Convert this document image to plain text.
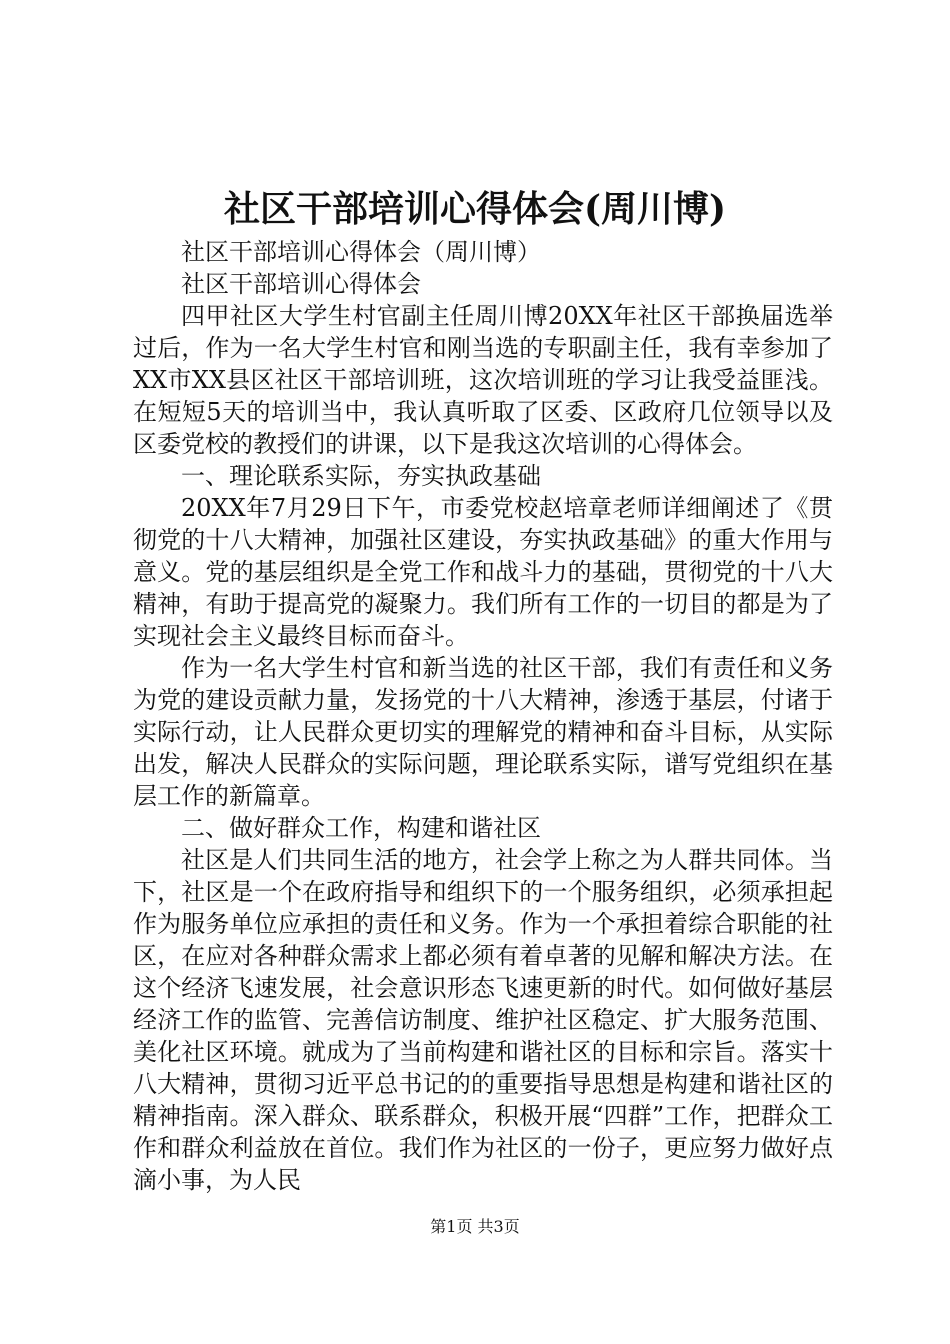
社区干部培训心得体会(周川博)

社区干部培训心得体会（周川博）

社区干部培训心得体会

四甲社区大学生村官副主任周川博20XX年社区干部换届选举过后，作为一名大学生村官和刚当选的专职副主任，我有幸参加了XX市XX县区社区干部培训班，这次培训班的学习让我受益匪浅。在短短5天的培训当中，我认真听取了区委、区政府几位领导以及区委党校的教授们的讲课，以下是我这次培训的心得体会。

一、理论联系实际，夯实执政基础

20XX年7月29日下午，市委党校赵培章老师详细阐述了《贯彻党的十八大精神，加强社区建设，夯实执政基础》的重大作用与意义。党的基层组织是全党工作和战斗力的基础，贯彻党的十八大精神，有助于提高党的凝聚力。我们所有工作的一切目的都是为了实现社会主义最终目标而奋斗。

作为一名大学生村官和新当选的社区干部，我们有责任和义务为党的建设贡献力量，发扬党的十八大精神，渗透于基层，付诸于实际行动，让人民群众更切实的理解党的精神和奋斗目标，从实际出发，解决人民群众的实际问题，理论联系实际，谱写党组织在基层工作的新篇章。

二、做好群众工作，构建和谐社区

社区是人们共同生活的地方，社会学上称之为人群共同体。当下，社区是一个在政府指导和组织下的一个服务组织，必须承担起作为服务单位应承担的责任和义务。作为一个承担着综合职能的社区，在应对各种群众需求上都必须有着卓著的见解和解决方法。在这个经济飞速发展，社会意识形态飞速更新的时代。如何做好基层经济工作的监管、完善信访制度、维护社区稳定、扩大服务范围、美化社区环境。就成为了当前构建和谐社区的目标和宗旨。落实十八大精神，贯彻习近平总书记的的重要指导思想是构建和谐社区的精神指南。深入群众、联系群众，积极开展“四群”工作，把群众工作和群众利益放在首位。我们作为社区的一份子，更应努力做好点滴小事，为人民

第1页 共3页
